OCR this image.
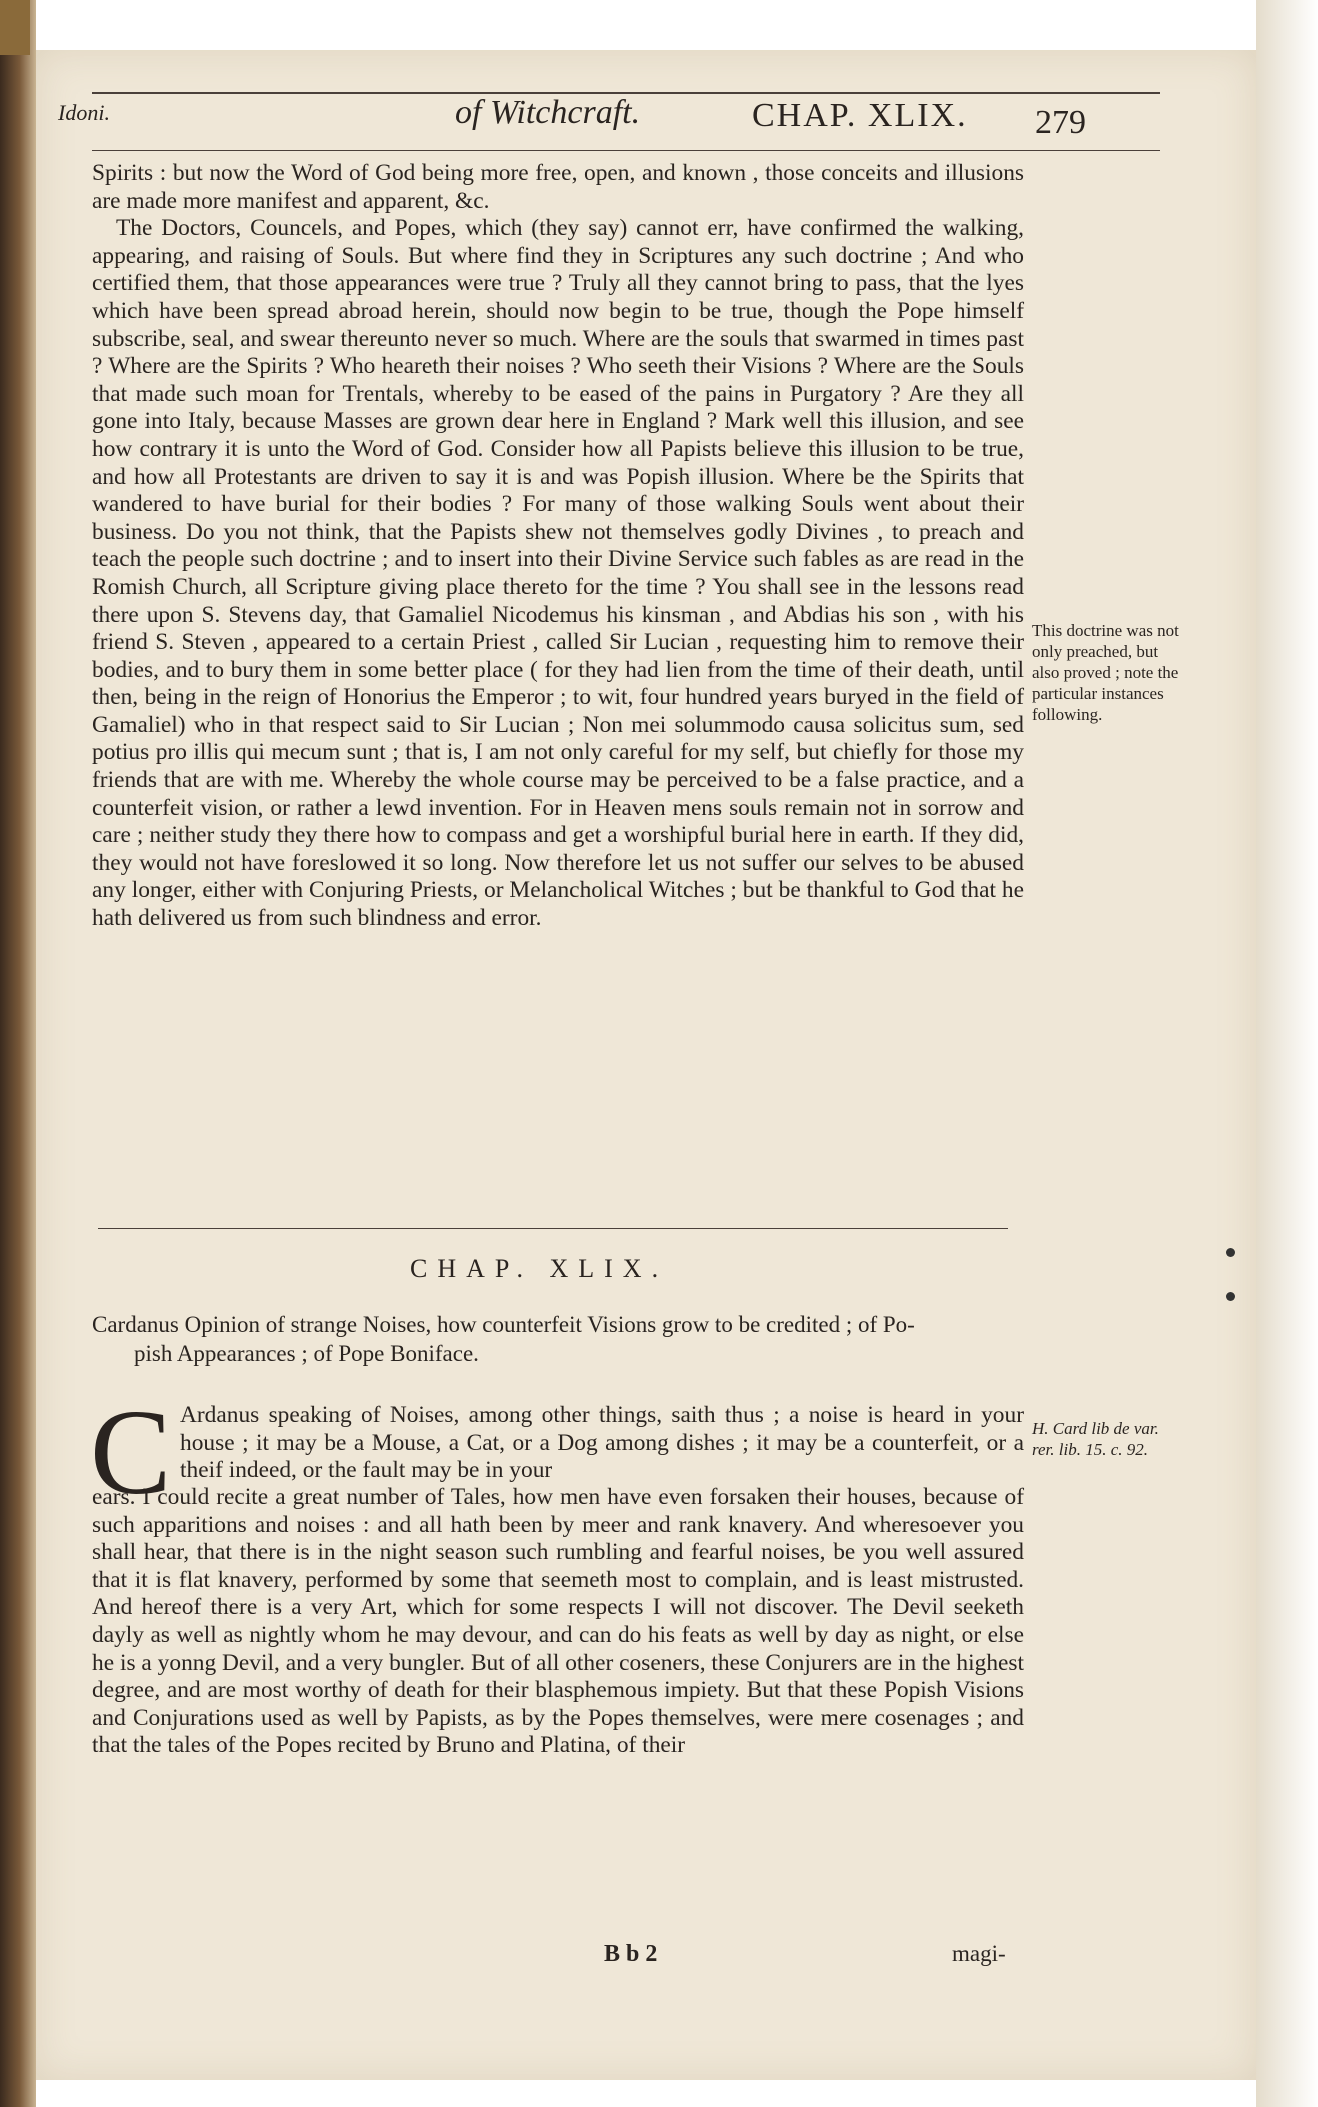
Idoni.	of Witchcraft.	CHAP. XLIX. 279

Spirits : but now the Word of God being more free, open, and known , those conceits and illusions are made more manifest and apparent, &c.

The Doctors, Councels, and Popes, which (they say) cannot err, have confirmed the walking, appearing, and raising of Souls. But where find they in Scriptures any such doctrine ; And who certified them, that those appearances were true ? Truly all they cannot bring to pass, that the lyes which have been spread abroad herein, should now begin to be true, though the Pope himself subscribe, seal, and swear thereunto never so much. Where are the souls that swarmed in times past ? Where are the Spirits ? Who heareth their noises ? Who seeth their Visions ? Where are the Souls that made such moan for Trentals, whereby to be eased of the pains in Purgatory ? Are they all gone into Italy, because Masses are grown dear here in England ? Mark well this illusion, and see how contrary it is unto the Word of God. Consider how all Papists believe this illusion to be true, and how all Protestants are driven to say it is and was Popish illusion. Where be the Spirits that wandered to have burial for their bodies ? For many of those walking Souls went about their business. Do you not think, that the Papists shew not themselves godly Divines , to preach and teach the people such doctrine ; and to insert into their Divine Service such fables as are read in the Romish Church, all Scripture giving place thereto for the time ? You shall see in the lessons read there upon S. Stevens day, that Gamaliel Nicodemus his kinsman , and Abdias his son , with his friend S. Steven , appeared to a certain Priest , called Sir Lucian , requesting him to remove their bodies, and to bury them in some better place ( for they had lien from the time of their death, until then, being in the reign of Honorius the Emperor ; to wit, four hundred years buryed in the field of Gamaliel) who in that respect said to Sir Lucian ; Non mei solummodo causa solicitus sum, sed potius pro illis qui mecum sunt ; that is, I am not only careful for my self, but chiefly for those my friends that are with me. Whereby the whole course may be perceived to be a false practice, and a counterfeit vision, or rather a lewd invention. For in Heaven mens souls remain not in sorrow and care ; neither study they there how to compass and get a worshipful burial here in earth. If they did, they would not have foreslowed it so long. Now therefore let us not suffer our selves to be abused any longer, either with Conjuring Priests, or Melancholical Witches ; but be thankful to God that he hath delivered us from such blindness and error.

This doctrine was not only preached, but also proved ; note the particular instances following.
CHAP. XLIX.
Cardanus Opinion of strange Noises, how counterfeit Visions grow to be credited ; of Po-
pish Appearances ; of Pope Boniface.
C Ardanus speaking of Noises, among other things, saith thus ; a noise is heard in your house ; it may be a Mouse, a Cat, or a Dog among dishes ; it may be a counterfeit, or a theif indeed, or the fault may be in your
ears. I could recite a great number of Tales, how men have even forsaken their houses, because of such apparitions and noises : and all hath been by meer and rank knavery. And wheresoever you shall hear, that there is in the night season such rumbling and fearful noises, be you well assured that it is flat knavery, performed by some that seemeth most to complain, and is least mistrusted. And hereof there is a very Art, which for some respects I will not discover. The Devil seeketh dayly as well as nightly whom he may devour, and can do his feats as well by day as night, or else he is a yonng Devil, and a very bungler. But of all other coseners, these Conjurers are in the highest degree, and are most worthy of death for their blasphemous impiety. But that these Popish Visions and Conjurations used as well by Papists, as by the Popes themselves, were mere cosenages ; and that the tales of the Popes recited by Bruno and Platina, of their
H. Card lib de var. rer. lib. 15. c. 92.
B b 2	magi-
